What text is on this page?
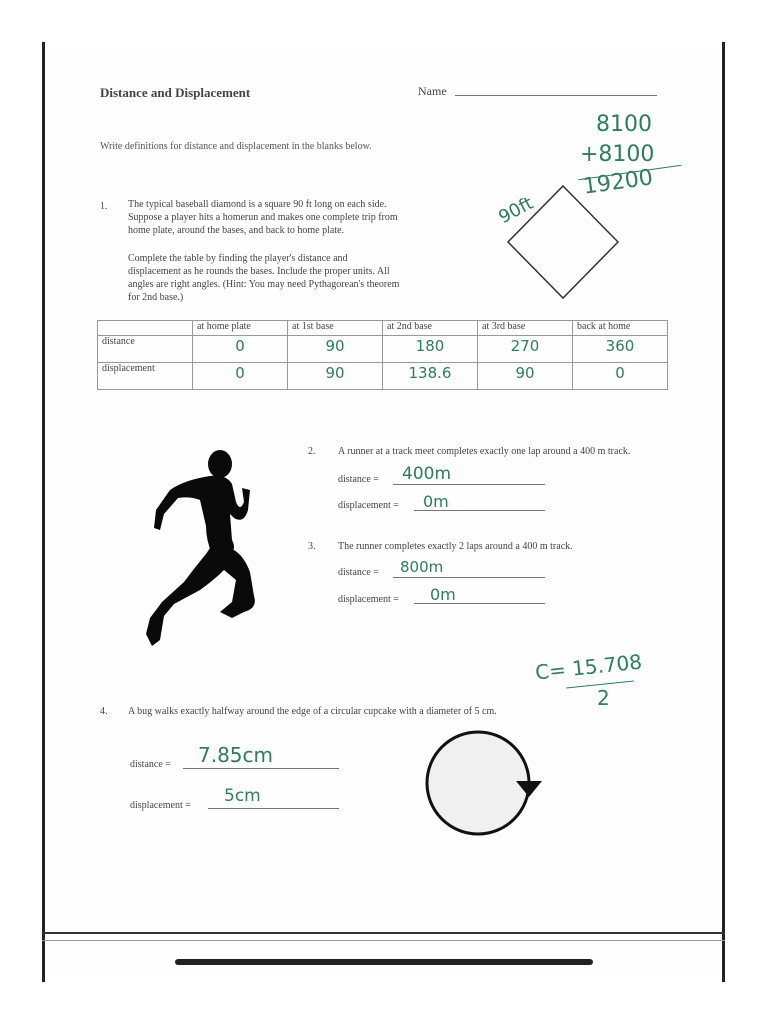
Distance and Displacement	Name
Write definitions for distance and displacement in the blanks below.
8100
+8100
19200
1. The typical baseball diamond is a square 90 ft long on each side.
Suppose a player hits a homerun and makes one complete trip from
home plate, around the bases, and back to home plate.
Complete the table by finding the player's distance and
displacement as he rounds the bases. Include the proper units. All
angles are right angles. (Hint: You may need Pythagorean's theorem
for 2nd base.)
90ft
	at home plate	at 1st base	at 2nd base	at 3rd base	back at home
distance	0	90	180	270	360

displacement	0	90	138.6	90	0
2. A runner at a track meet completes exactly one lap around a 400 m track.
distance = 400m
displacement = 0m
3. The runner completes exactly 2 laps around a 400 m track.
distance = 800m
displacement = 0m
C= 15.708
2
4. A bug walks exactly halfway around the edge of a circular cupcake with a diameter of 5 cm.
distance = 7.85cm
displacement = 5cm
